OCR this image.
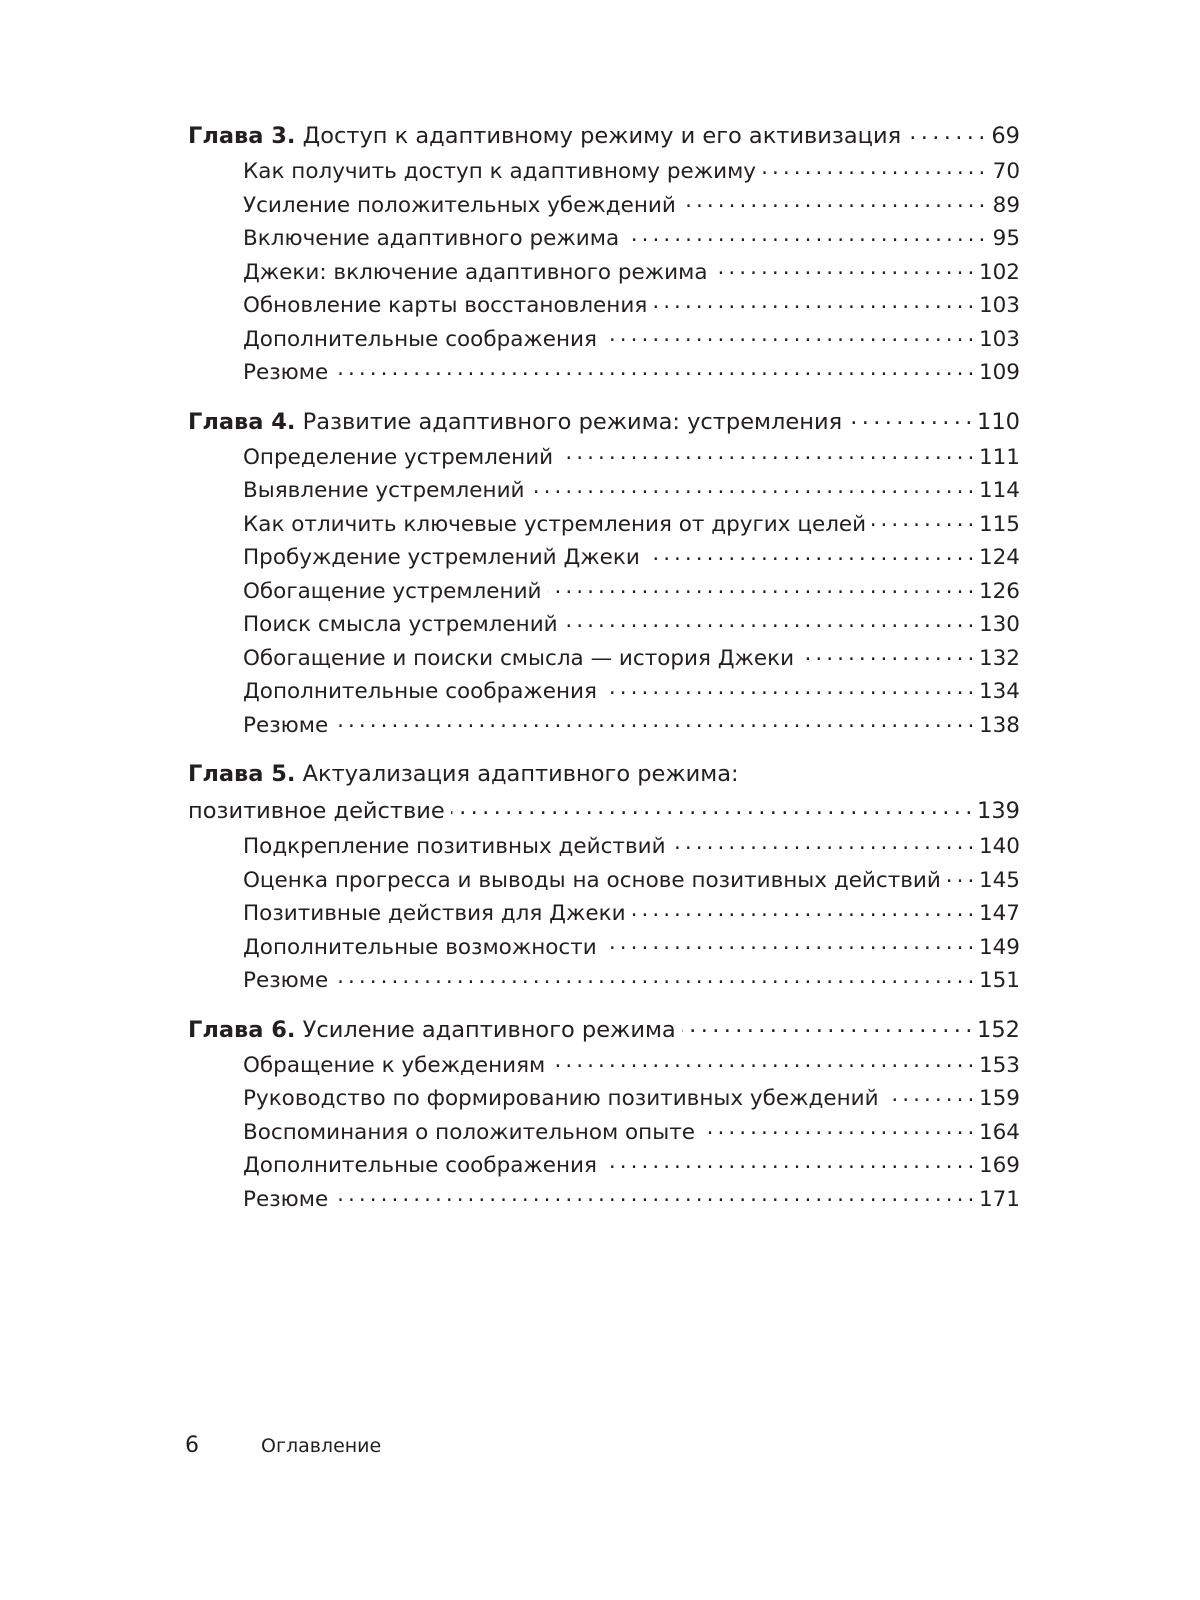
Глава 3. Доступ к адаптивному режиму и его активизация . . .	69
Как получить доступ к адаптивному режиму . . .	70
Усиление положительных убеждений . . .	89
Включение адаптивного режима . . .	95
Джеки: включение адаптивного режима . . .	102
Обновление карты восстановления . . .	103
Дополнительные соображения . . .	103
Резюме . . .	109
Глава 4. Развитие адаптивного режима: устремления . . .	110
Определение устремлений . . .	111
Выявление устремлений . . .	114
Как отличить ключевые устремления от других целей . . .	115
Пробуждение устремлений Джеки . . .	124
Обогащение устремлений . . .	126
Поиск смысла устремлений . . .	130
Обогащение и поиски смысла — история Джеки . . .	132
Дополнительные соображения . . .	134
Резюме . . .	138
Глава 5. Актуализация адаптивного режима:
позитивное действие . . .	139
Подкрепление позитивных действий . . .	140
Оценка прогресса и выводы на основе позитивных действий . . . 145
Позитивные действия для Джеки . . .	147
Дополнительные возможности . . .	149
Резюме . . .	151
Глава 6. Усиление адаптивного режима . . .	152
Обращение к убеждениям . . .	153
Руководство по формированию позитивных убеждений . . .	159
Воспоминания о положительном опыте . . .	164
Дополнительные соображения . . .	169
Резюме . . .	171
6	Оглавление
